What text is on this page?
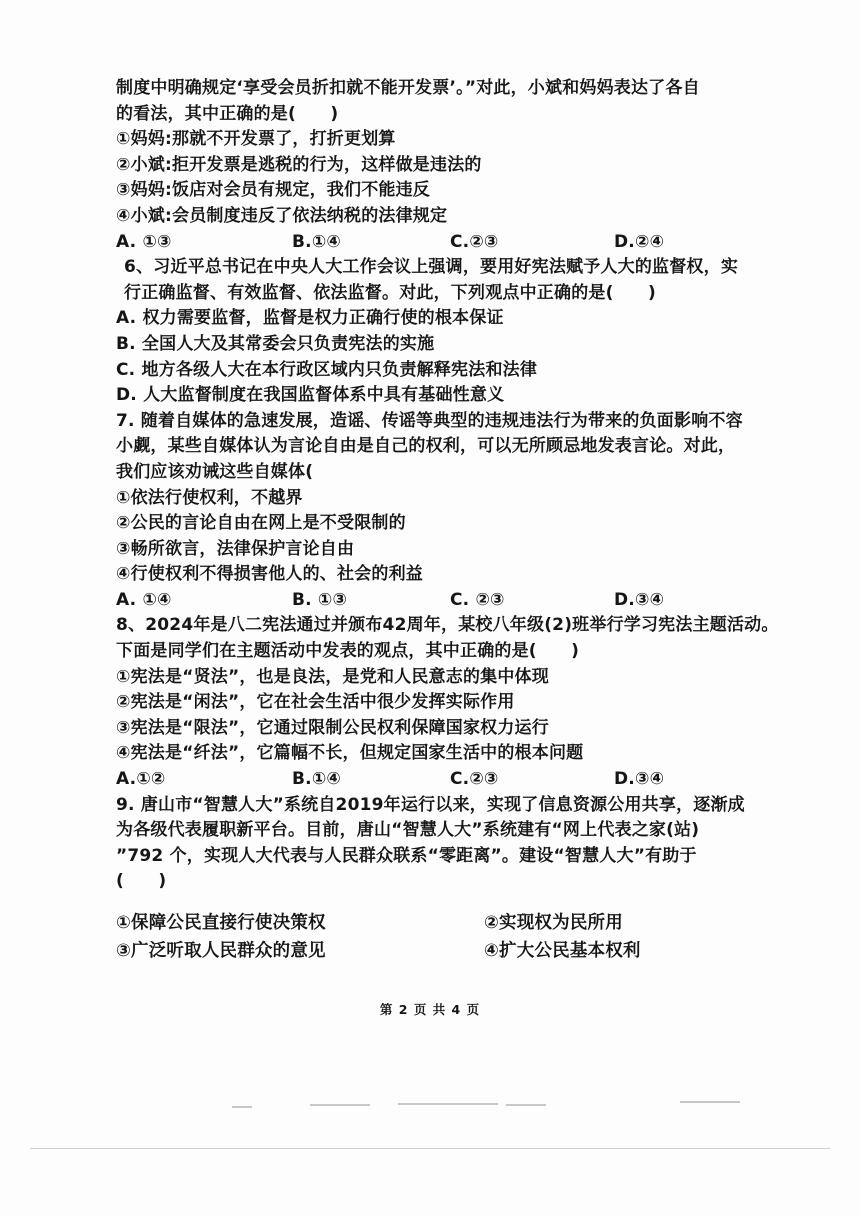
制度中明确规定‘享受会员折扣就不能开发票’。”对此，小斌和妈妈表达了各自
的看法，其中正确的是(　　)
①妈妈:那就不开发票了，打折更划算
②小斌:拒开发票是逃税的行为，这样做是违法的
③妈妈:饭店对会员有规定，我们不能违反
④小斌:会员制度违反了依法纳税的法律规定
A. ①③	B.①④	C.②③	D.②④
6、习近平总书记在中央人大工作会议上强调，要用好宪法赋予人大的监督权，实
行正确监督、有效监督、依法监督。对此，下列观点中正确的是(　　)
A. 权力需要监督，监督是权力正确行使的根本保证
B. 全国人大及其常委会只负责宪法的实施
C. 地方各级人大在本行政区域内只负责解释宪法和法律
D. 人大监督制度在我国监督体系中具有基础性意义
7. 随着自媒体的急速发展，造谣、传谣等典型的违规违法行为带来的负面影响不容
小觑，某些自媒体认为言论自由是自己的权利，可以无所顾忌地发表言论。对此，
我们应该劝诫这些自媒体(
①依法行使权利，不越界
②公民的言论自由在网上是不受限制的
③畅所欲言，法律保护言论自由
④行使权利不得损害他人的、社会的利益
A. ①④	B. ①③	C. ②③	D.③④
8、2024年是八二宪法通过并颁布42周年，某校八年级(2)班举行学习宪法主题活动。
下面是同学们在主题活动中发表的观点，其中正确的是(　　)
①宪法是“贤法”，也是良法，是党和人民意志的集中体现
②宪法是“闲法”，它在社会生活中很少发挥实际作用
③宪法是“限法”，它通过限制公民权利保障国家权力运行
④宪法是“纤法”，它篇幅不长，但规定国家生活中的根本问题
A.①②	B.①④	C.②③	D.③④
9. 唐山市“智慧人大”系统自2019年运行以来，实现了信息资源公用共享，逐渐成
为各级代表履职新平台。目前，唐山“智慧人大”系统建有“网上代表之家(站)
”792 个，实现人大代表与人民群众联系“零距离”。建设“智慧人大”有助于
(　　)
①保障公民直接行使决策权	②实现权为民所用
③广泛听取人民群众的意见	④扩大公民基本权利
第 2 页 共 4 页
